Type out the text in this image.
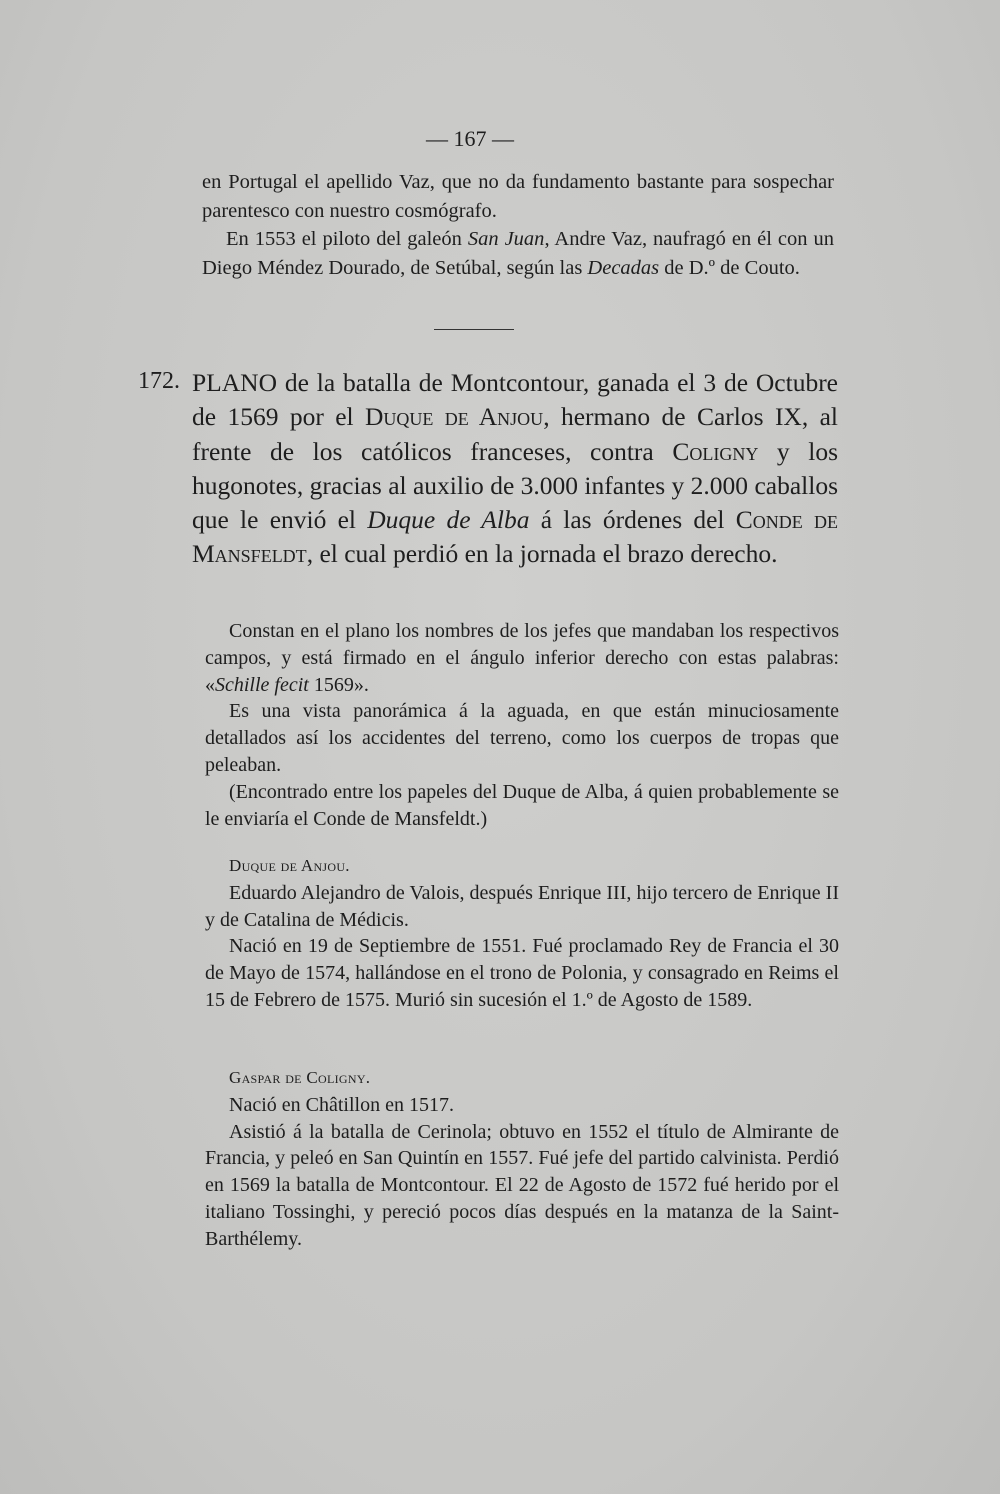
— 167 —

en Portugal el apellido Vaz, que no da fundamento bastante para sospechar parentesco con nuestro cosmógrafo.

En 1553 el piloto del galeón San Juan, Andre Vaz, naufragó en él con un Diego Méndez Dourado, de Setúbal, según las Decadas de D.º de Couto.

172. PLANO de la batalla de Montcontour, ganada el 3 de Octubre de 1569 por el Duque de Anjou, hermano de Carlos IX, al frente de los católicos franceses, contra Coligny y los hugonotes, gracias al auxilio de 3.000 infantes y 2.000 caballos que le envió el Duque de Alba á las órdenes del Conde de Mansfeldt, el cual perdió en la jornada el brazo derecho.

Constan en el plano los nombres de los jefes que mandaban los respectivos campos, y está firmado en el ángulo inferior derecho con estas palabras: «Schille fecit 1569».

Es una vista panorámica á la aguada, en que están minuciosamente detallados así los accidentes del terreno, como los cuerpos de tropas que peleaban.

(Encontrado entre los papeles del Duque de Alba, á quien probablemente se le enviaría el Conde de Mansfeldt.)

Duque de Anjou.

Eduardo Alejandro de Valois, después Enrique III, hijo tercero de Enrique II y de Catalina de Médicis.

Nació en 19 de Septiembre de 1551. Fué proclamado Rey de Francia el 30 de Mayo de 1574, hallándose en el trono de Polonia, y consagrado en Reims el 15 de Febrero de 1575. Murió sin sucesión el 1.º de Agosto de 1589.

Gaspar de Coligny.

Nació en Châtillon en 1517.

Asistió á la batalla de Cerinola; obtuvo en 1552 el título de Almirante de Francia, y peleó en San Quintín en 1557. Fué jefe del partido calvinista. Perdió en 1569 la batalla de Montcontour. El 22 de Agosto de 1572 fué herido por el italiano Tossinghi, y pereció pocos días después en la matanza de la Saint-Barthélemy.
